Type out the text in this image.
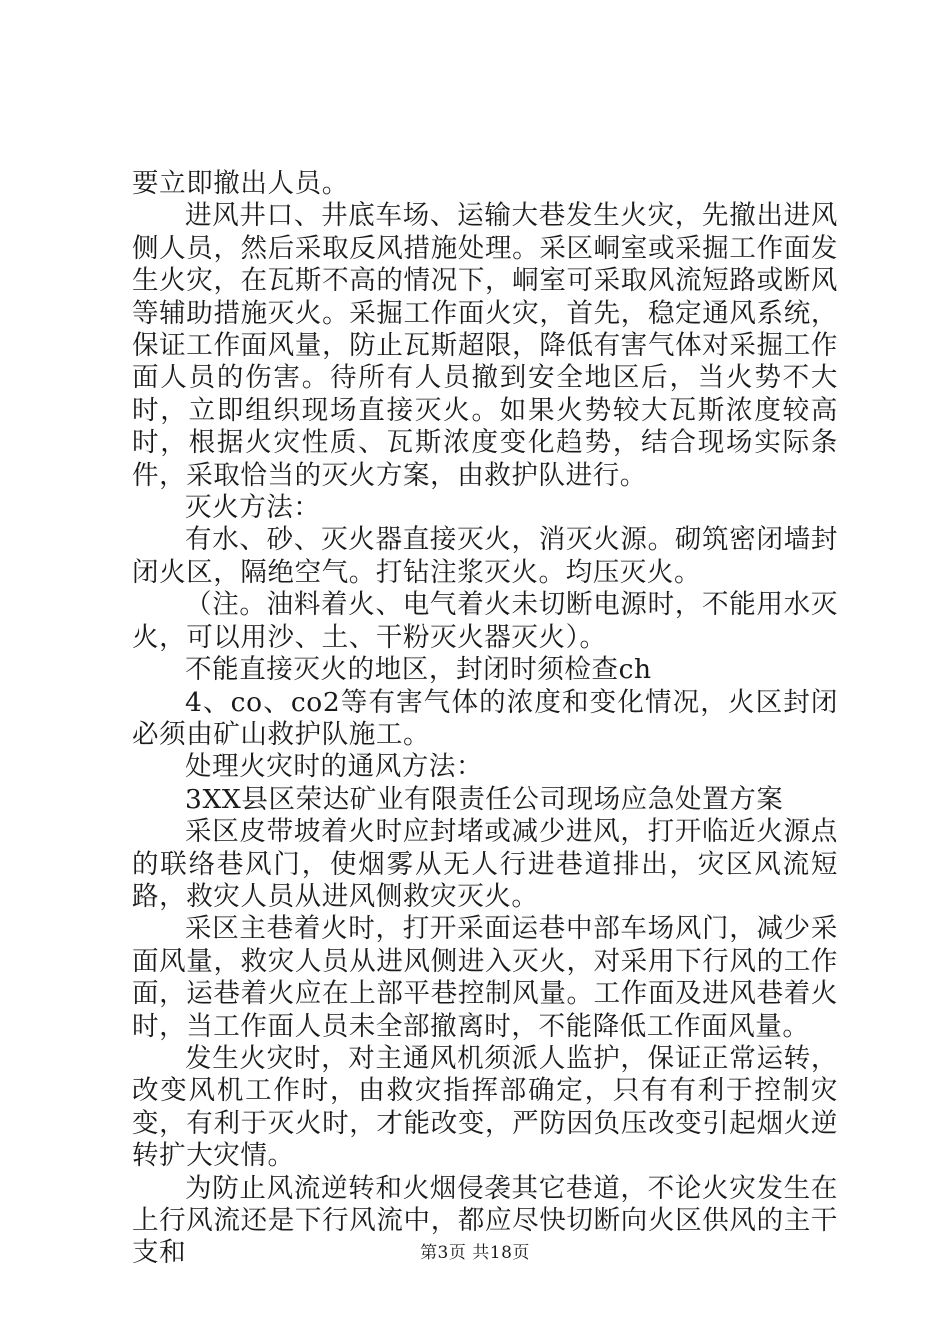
要立即撤出人员。

进风井口、井底车场、运输大巷发生火灾，先撤出进风侧人员，然后采取反风措施处理。采区峒室或采掘工作面发生火灾，在瓦斯不高的情况下，峒室可采取风流短路或断风等辅助措施灭火。采掘工作面火灾，首先，稳定通风系统，保证工作面风量，防止瓦斯超限，降低有害气体对采掘工作面人员的伤害。待所有人员撤到安全地区后，当火势不大时，立即组织现场直接灭火。如果火势较大瓦斯浓度较高时，根据火灾性质、瓦斯浓度变化趋势，结合现场实际条件，采取恰当的灭火方案，由救护队进行。

灭火方法：

有水、砂、灭火器直接灭火，消灭火源。砌筑密闭墙封闭火区，隔绝空气。打钻注浆灭火。均压灭火。

（注。油料着火、电气着火未切断电源时，不能用水灭火，可以用沙、土、干粉灭火器灭火）。

不能直接灭火的地区，封闭时须检查ch

4、co、co2等有害气体的浓度和变化情况，火区封闭必须由矿山救护队施工。

处理火灾时的通风方法：

3XX县区荣达矿业有限责任公司现场应急处置方案

采区皮带坡着火时应封堵或减少进风，打开临近火源点的联络巷风门，使烟雾从无人行进巷道排出，灾区风流短路，救灾人员从进风侧救灾灭火。

采区主巷着火时，打开采面运巷中部车场风门，减少采面风量，救灾人员从进风侧进入灭火，对采用下行风的工作面，运巷着火应在上部平巷控制风量。工作面及进风巷着火时，当工作面人员未全部撤离时，不能降低工作面风量。

发生火灾时，对主通风机须派人监护，保证正常运转，改变风机工作时，由救灾指挥部确定，只有有利于控制灾变，有利于灭火时，才能改变，严防因负压改变引起烟火逆转扩大灾情。

为防止风流逆转和火烟侵袭其它巷道，不论火灾发生在上行风流还是下行风流中，都应尽快切断向火区供风的主干支和	第3页 共18页
